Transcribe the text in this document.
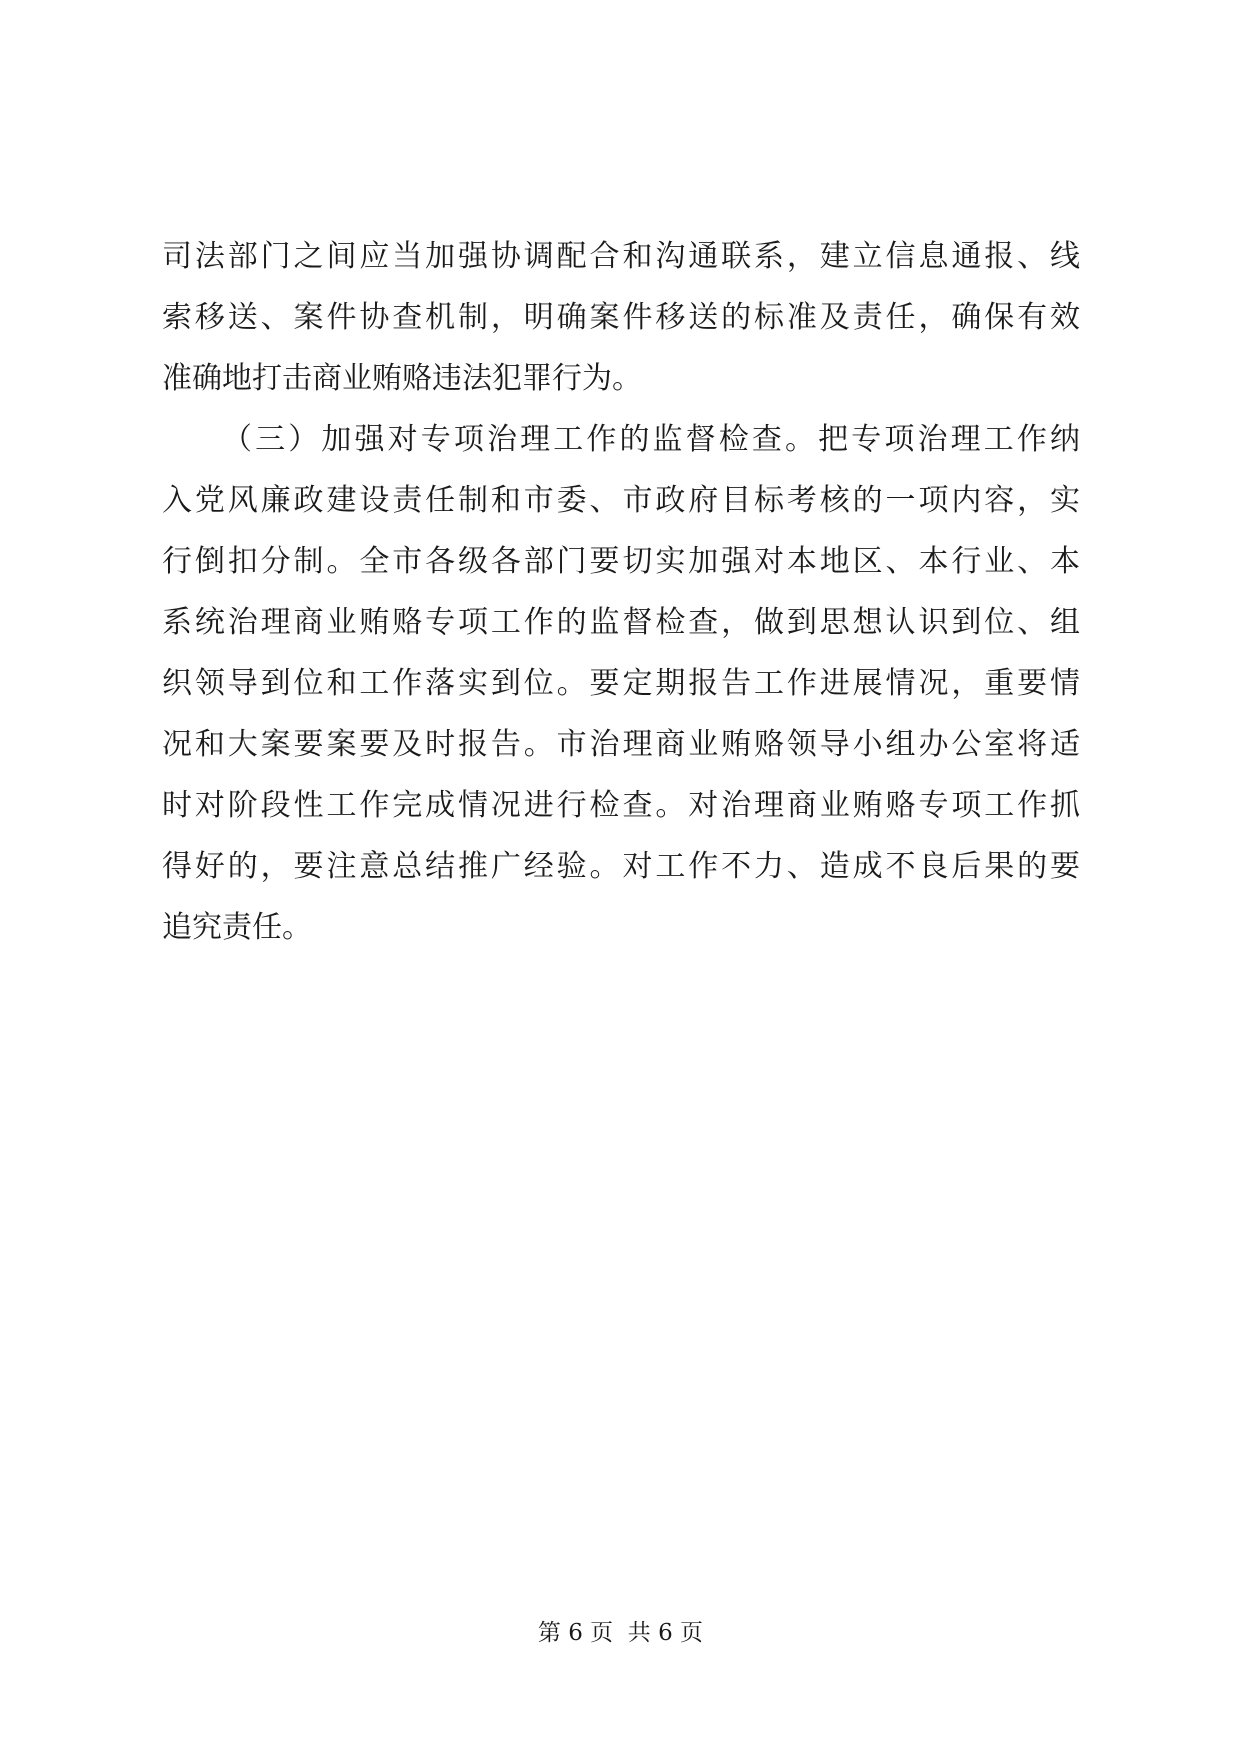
司法部门之间应当加强协调配合和沟通联系，建立信息通报、线
索移送、案件协查机制，明确案件移送的标准及责任，确保有效
准确地打击商业贿赂违法犯罪行为。
（三）加强对专项治理工作的监督检查。把专项治理工作纳
入党风廉政建设责任制和市委、市政府目标考核的一项内容，实
行倒扣分制。全市各级各部门要切实加强对本地区、本行业、本
系统治理商业贿赂专项工作的监督检查，做到思想认识到位、组
织领导到位和工作落实到位。要定期报告工作进展情况，重要情
况和大案要案要及时报告。市治理商业贿赂领导小组办公室将适
时对阶段性工作完成情况进行检查。对治理商业贿赂专项工作抓
得好的，要注意总结推广经验。对工作不力、造成不良后果的要
追究责任。
第 6 页  共 6 页
